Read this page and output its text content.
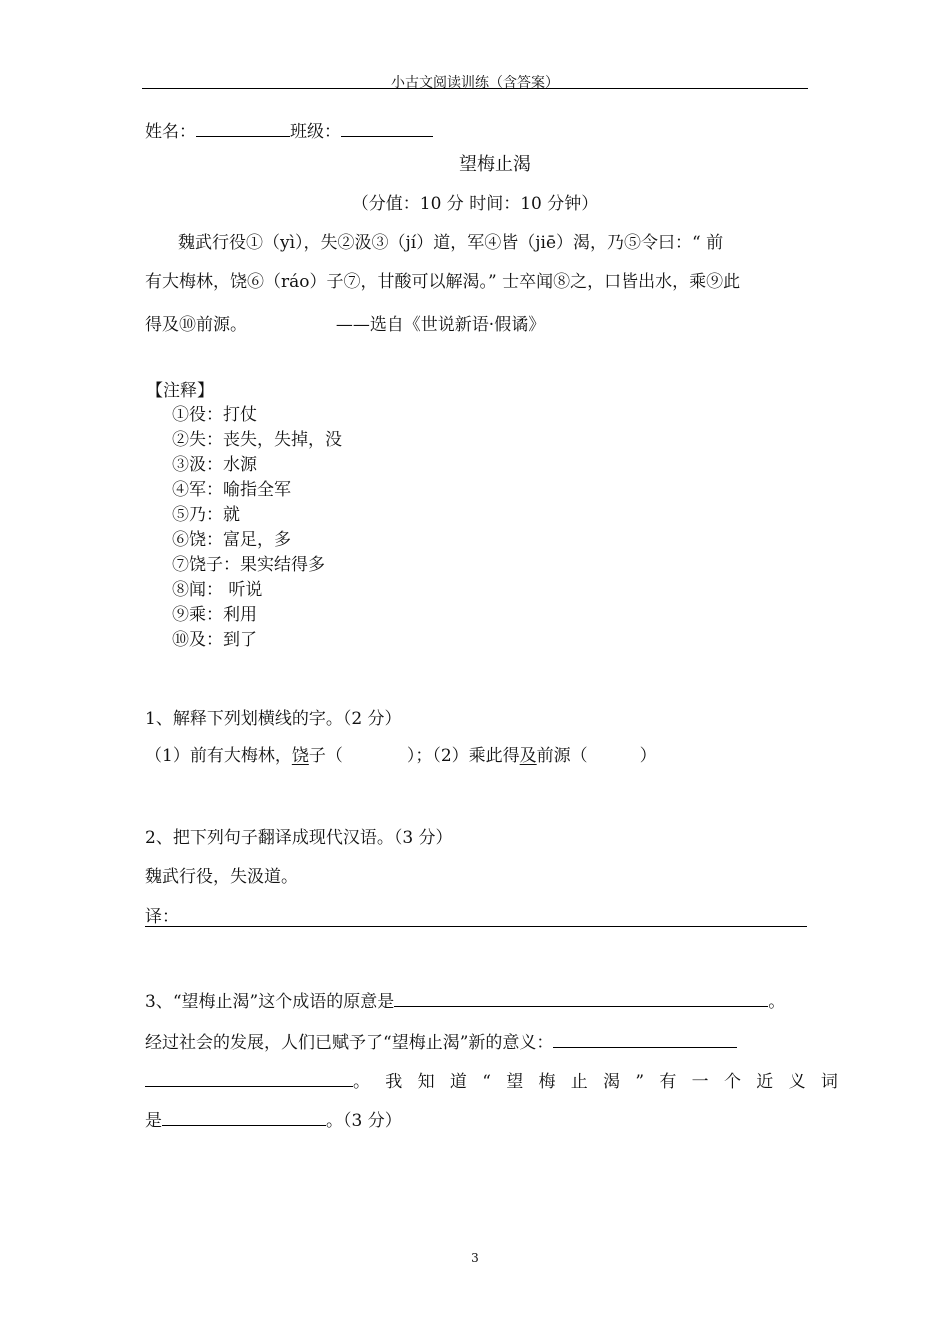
小古文阅读训练（含答案）
姓名：	班级：
望梅止渴
（分值：10 分 时间：10 分钟）
魏武行役①（yì），失②汲③（jí）道，军④皆（jiē）渴，乃⑤令曰：“ 前
有大梅林，饶⑥（ráo）子⑦，甘酸可以解渴。” 士卒闻⑧之，口皆出水，乘⑨此
得及⑩前源。	——选自《世说新语·假谲》
【注释】
①役：打仗
②失：丧失，失掉，没
③汲：水源
④军：喻指全军
⑤乃：就
⑥饶：富足，多
⑦饶子：果实结得多
⑧闻： 听说
⑨乘：利用
⑩及：到了
1、解释下列划横线的字。（2 分）
（1）前有大梅林，饶子（	）；（2）乘此得及前源（	）
2、把下列句子翻译成现代汉语。（3 分）
魏武行役，失汲道。
译：
3、“望梅止渴”这个成语的原意是	。
经过社会的发展，人们已赋予了“望梅止渴”新的意义：
。我知道“望梅止渴”有一个近义词
是	。（3 分）
3
